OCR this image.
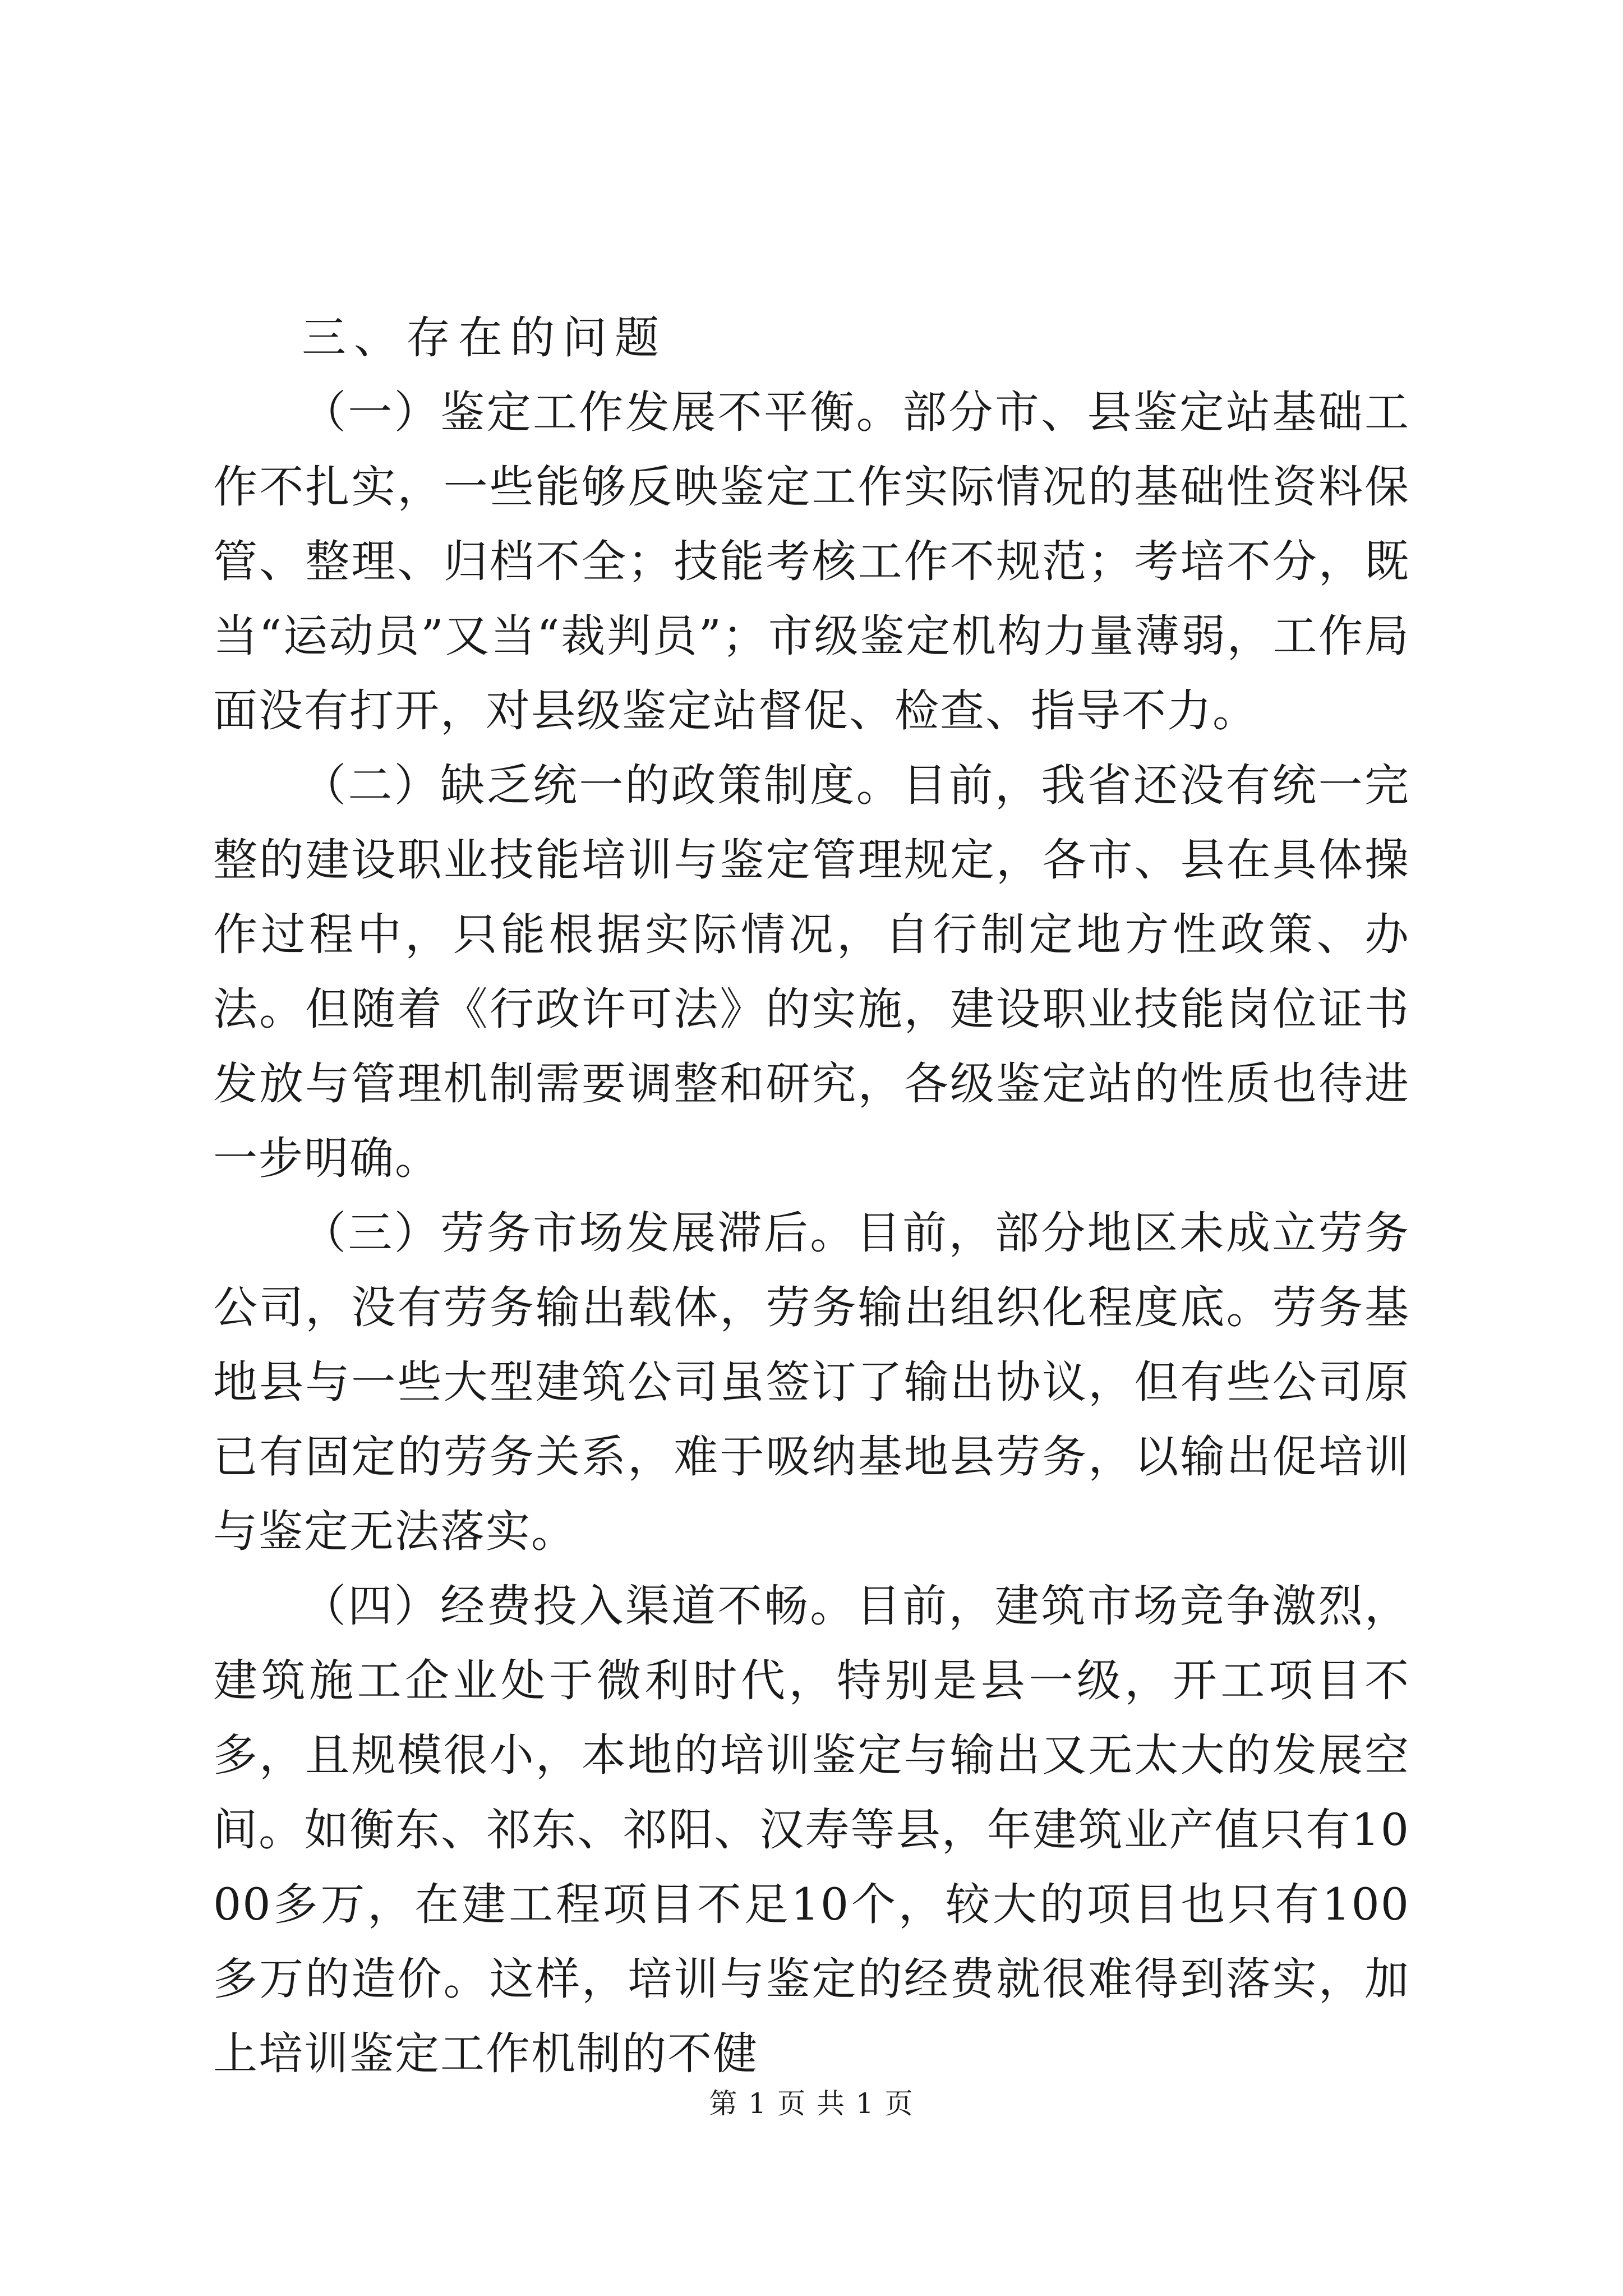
三、存在的问题

（一）鉴定工作发展不平衡。部分市、县鉴定站基础工作不扎实，一些能够反映鉴定工作实际情况的基础性资料保管、整理、归档不全；技能考核工作不规范；考培不分，既当“运动员”又当“裁判员”；市级鉴定机构力量薄弱，工作局面没有打开，对县级鉴定站督促、检查、指导不力。

（二）缺乏统一的政策制度。目前，我省还没有统一完整的建设职业技能培训与鉴定管理规定，各市、县在具体操作过程中，只能根据实际情况，自行制定地方性政策、办法。但随着《行政许可法》的实施，建设职业技能岗位证书发放与管理机制需要调整和研究，各级鉴定站的性质也待进一步明确。

（三）劳务市场发展滞后。目前，部分地区未成立劳务公司，没有劳务输出载体，劳务输出组织化程度底。劳务基地县与一些大型建筑公司虽签订了输出协议，但有些公司原已有固定的劳务关系，难于吸纳基地县劳务，以输出促培训与鉴定无法落实。

（四）经费投入渠道不畅。目前，建筑市场竞争激烈，建筑施工企业处于微利时代，特别是县一级，开工项目不多，且规模很小，本地的培训鉴定与输出又无太大的发展空间。如衡东、祁东、祁阳、汉寿等县，年建筑业产值只有1000多万，在建工程项目不足10个，较大的项目也只有100多万的造价。这样，培训与鉴定的经费就很难得到落实，加上培训鉴定工作机制的不健

第 1 页 共 1 页
